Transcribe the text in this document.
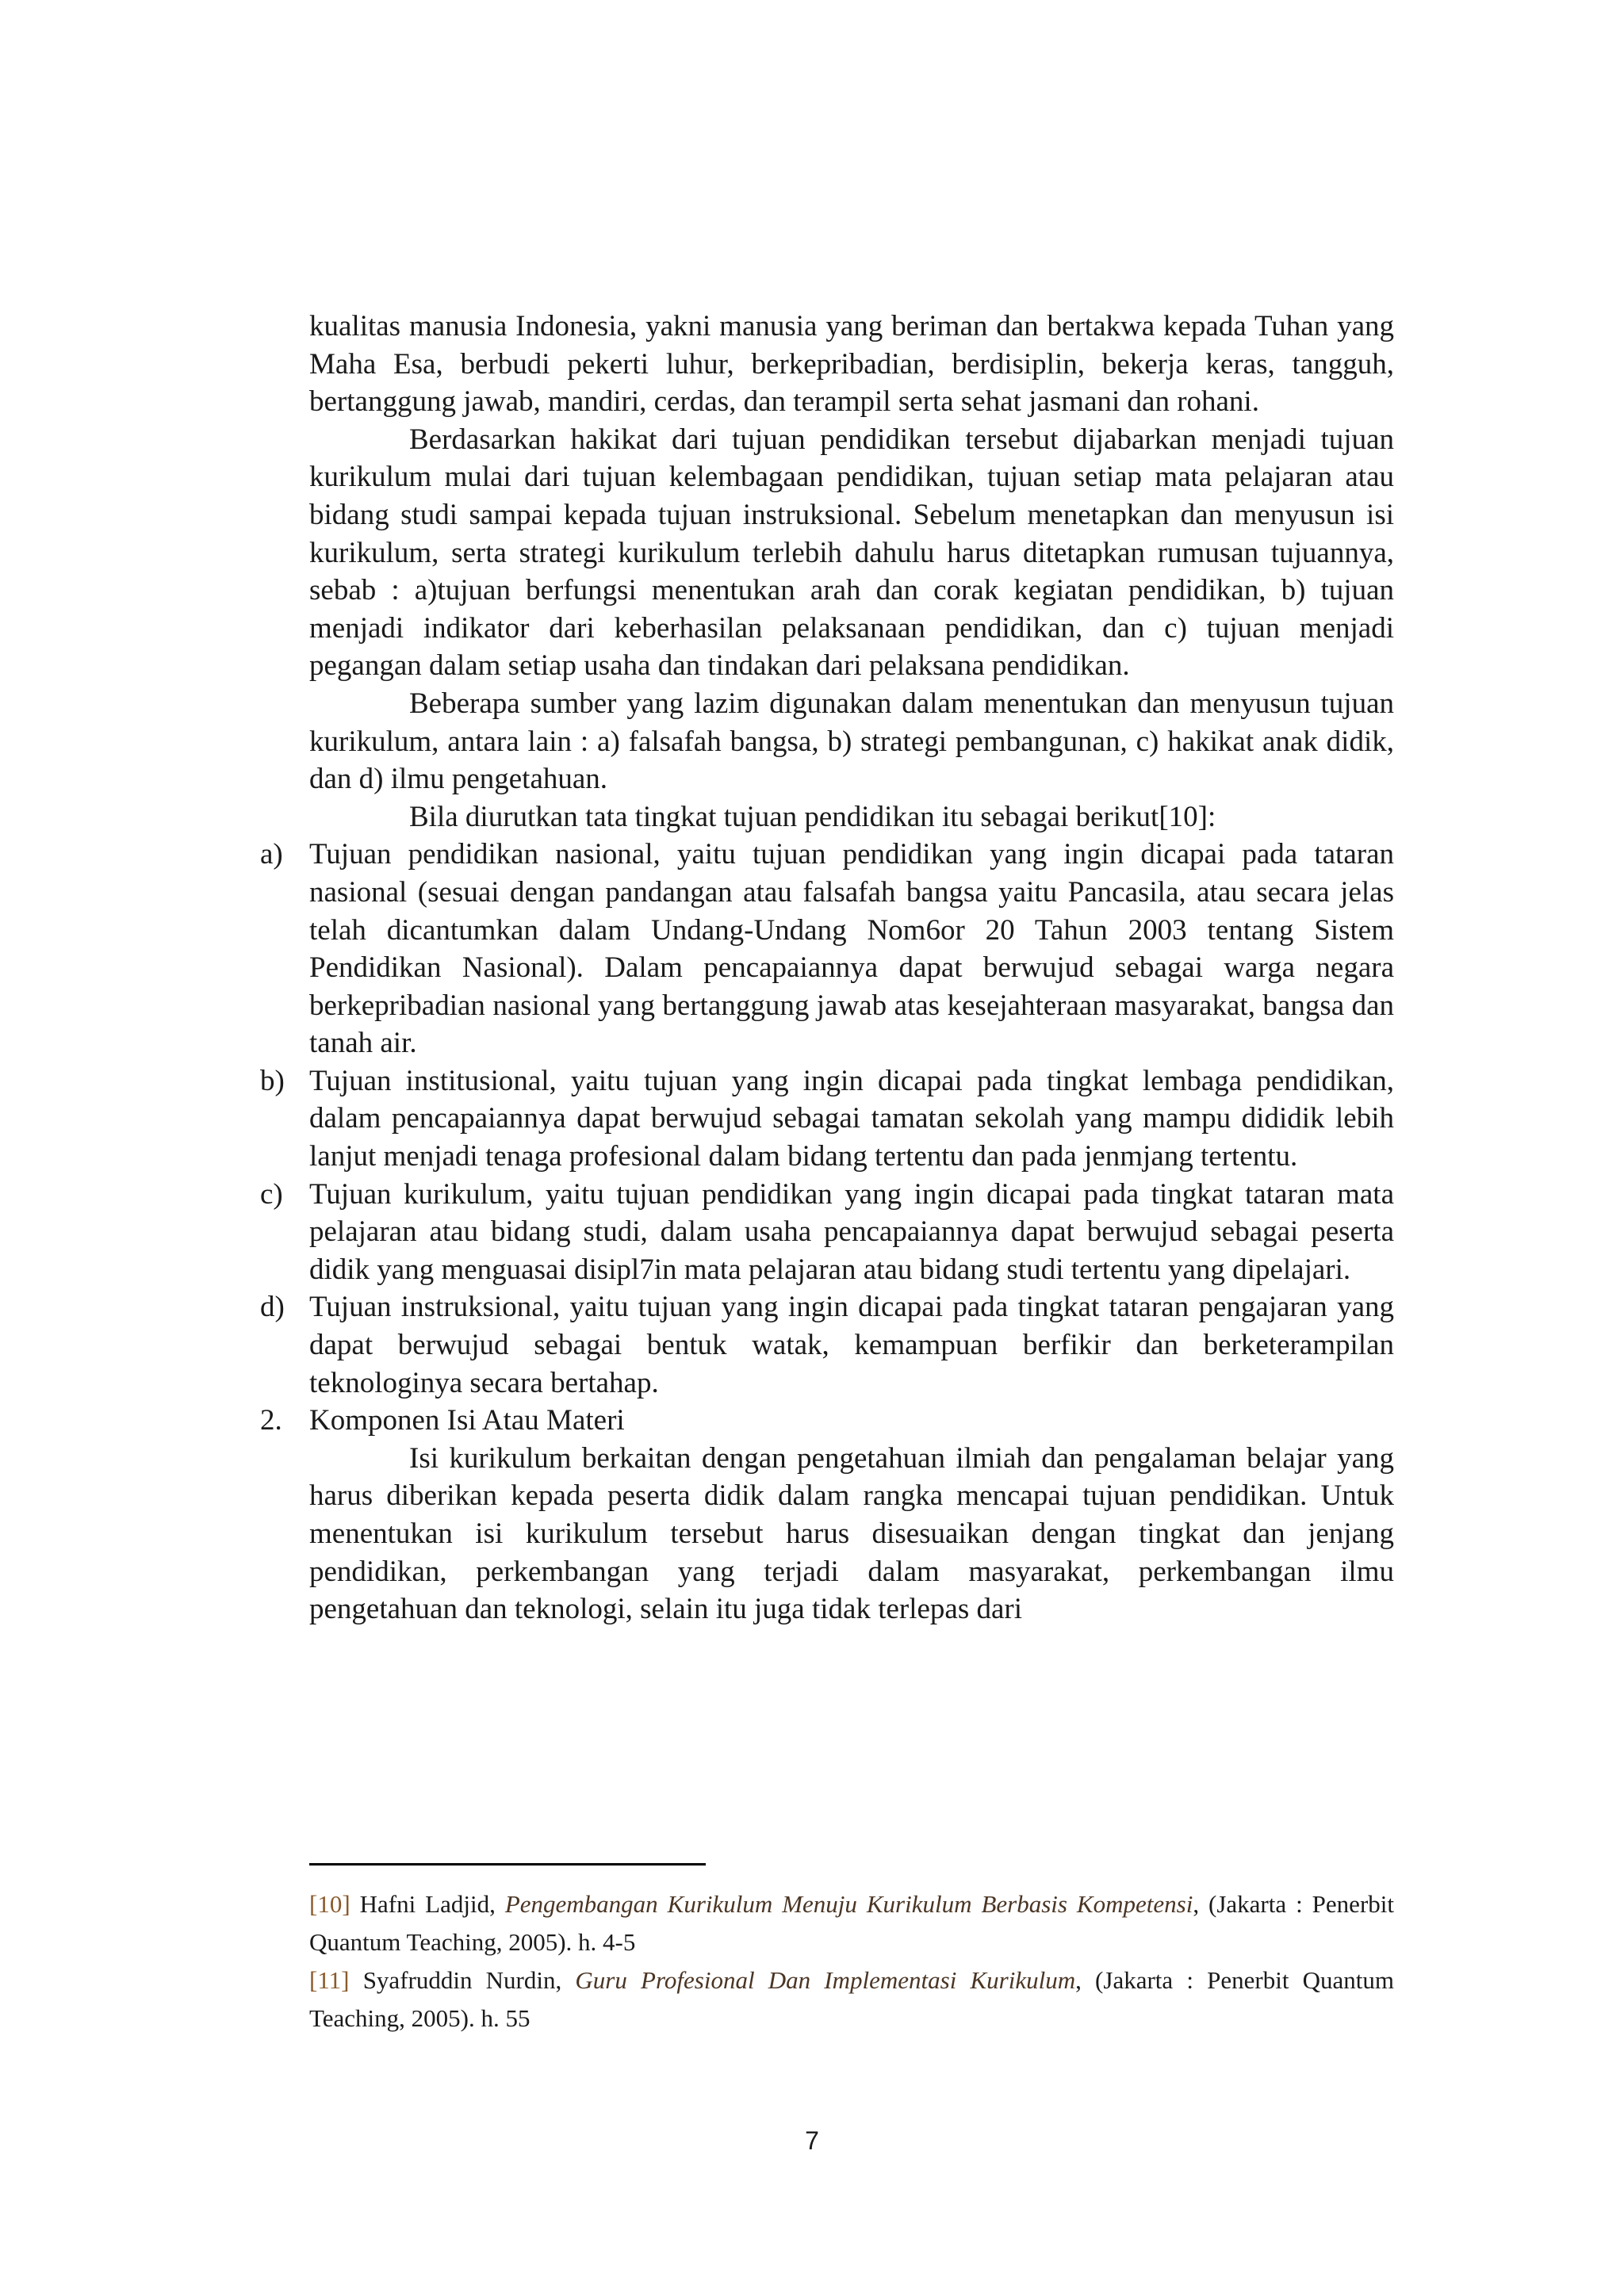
kualitas manusia Indonesia, yakni manusia yang beriman dan bertakwa kepada Tuhan yang Maha Esa, berbudi pekerti luhur, berkepribadian, berdisiplin, bekerja keras, tangguh, bertanggung jawab, mandiri, cerdas, dan terampil serta sehat jasmani dan rohani.

Berdasarkan hakikat dari tujuan pendidikan tersebut dijabarkan menjadi tujuan kurikulum mulai dari tujuan kelembagaan pendidikan, tujuan setiap mata pelajaran atau bidang studi sampai kepada tujuan instruksional. Sebelum menetapkan dan menyusun isi kurikulum, serta strategi kurikulum terlebih dahulu harus ditetapkan rumusan tujuannya, sebab : a)tujuan berfungsi menentukan arah dan corak kegiatan pendidikan, b) tujuan menjadi indikator dari keberhasilan pelaksanaan pendidikan, dan c) tujuan menjadi pegangan dalam setiap usaha dan tindakan dari pelaksana pendidikan.

Beberapa sumber yang lazim digunakan dalam menentukan dan menyusun tujuan kurikulum, antara lain : a) falsafah bangsa, b) strategi pembangunan, c) hakikat anak didik, dan d) ilmu pengetahuan.

Bila diurutkan tata tingkat tujuan pendidikan itu sebagai berikut[10]:

a) Tujuan pendidikan nasional, yaitu tujuan pendidikan yang ingin dicapai pada tataran nasional (sesuai dengan pandangan atau falsafah bangsa yaitu Pancasila, atau secara jelas telah dicantumkan dalam Undang-Undang Nom6or 20 Tahun 2003 tentang Sistem Pendidikan Nasional). Dalam pencapaiannya dapat berwujud sebagai warga negara berkepribadian nasional yang bertanggung jawab atas kesejahteraan masyarakat, bangsa dan tanah air.

b) Tujuan institusional, yaitu tujuan yang ingin dicapai pada tingkat lembaga pendidikan, dalam pencapaiannya dapat berwujud sebagai tamatan sekolah yang mampu dididik lebih lanjut menjadi tenaga profesional dalam bidang tertentu dan pada jenmjang tertentu.

c) Tujuan kurikulum, yaitu tujuan pendidikan yang ingin dicapai pada tingkat tataran mata pelajaran atau bidang studi, dalam usaha pencapaiannya dapat berwujud sebagai peserta didik yang menguasai disipl7in mata pelajaran atau bidang studi tertentu yang dipelajari.

d) Tujuan instruksional, yaitu tujuan yang ingin dicapai pada tingkat tataran pengajaran yang dapat berwujud sebagai bentuk watak, kemampuan berfikir dan berketerampilan teknologinya secara bertahap.

2. Komponen Isi Atau Materi

Isi kurikulum berkaitan dengan pengetahuan ilmiah dan pengalaman belajar yang harus diberikan kepada peserta didik dalam rangka mencapai tujuan pendidikan. Untuk menentukan isi kurikulum tersebut harus disesuaikan dengan tingkat dan jenjang pendidikan, perkembangan yang terjadi dalam masyarakat, perkembangan ilmu pengetahuan dan teknologi, selain itu juga tidak terlepas dari

[10] Hafni Ladjid, Pengembangan Kurikulum Menuju Kurikulum Berbasis Kompetensi, (Jakarta : Penerbit Quantum Teaching, 2005). h. 4-5

[11] Syafruddin Nurdin, Guru Profesional Dan Implementasi Kurikulum, (Jakarta : Penerbit Quantum Teaching, 2005). h. 55

7
